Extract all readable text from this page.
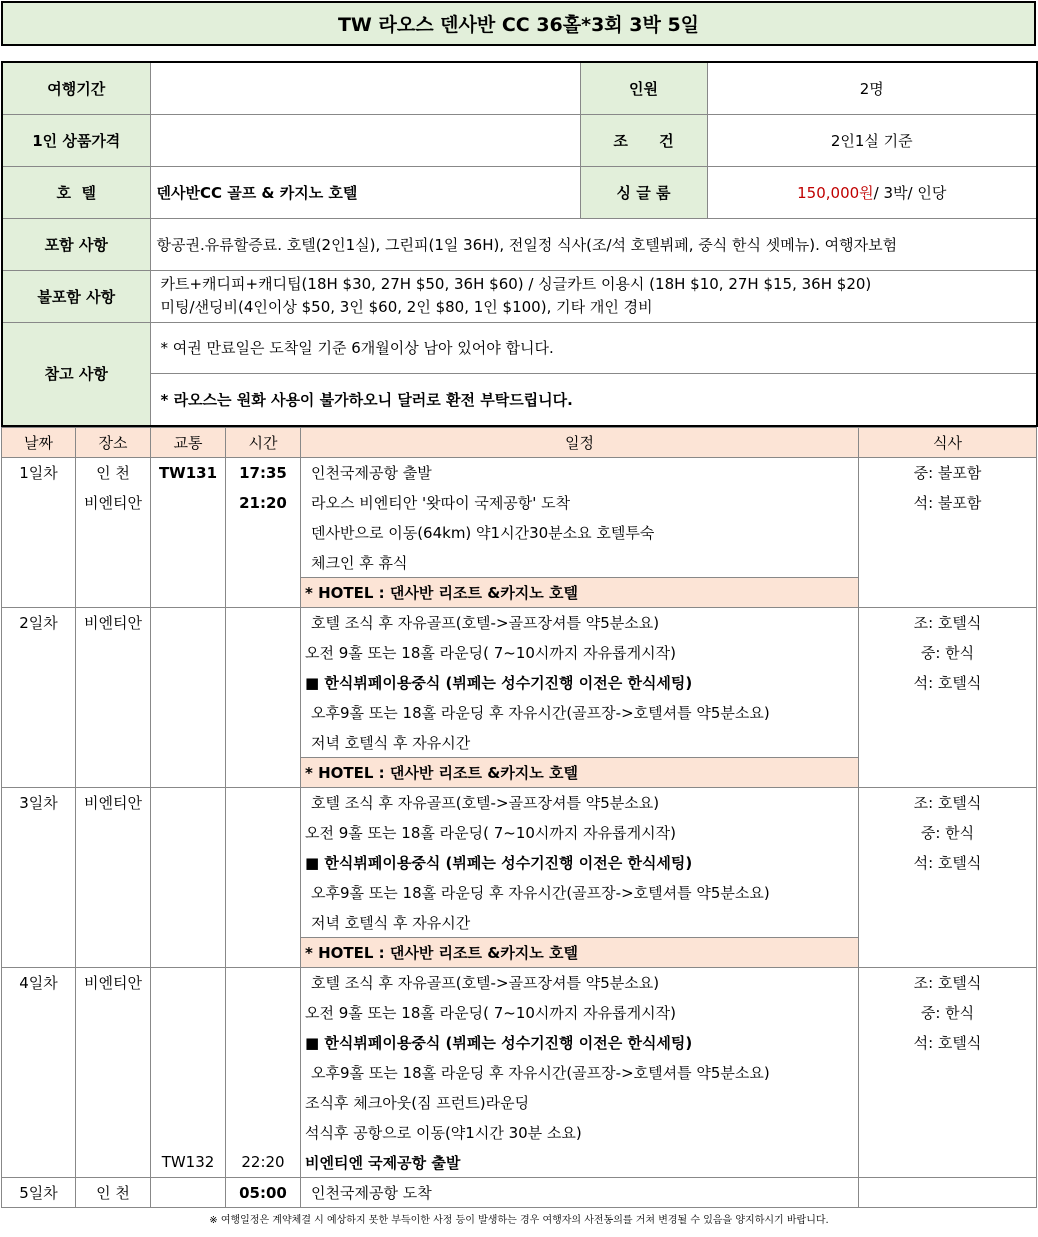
TW 라오스 덴사반 CC 36홀*3회 3박 5일
여행기간		인원	2명
1인 상품가격		조      건	2인1실 기준
호  텔	덴사반CC 골프 & 카지노 호텔	싱 글 룸	150,000원/ 3박/ 인당
포함 사항	항공권.유류할증료. 호텔(2인1실), 그린피(1일 36H), 전일정 식사(조/석 호텔뷔페, 중식 한식 셋메뉴). 여행자보험		
불포함 사항	카트+캐디피+캐디팁(18H $30, 27H $50, 36H $60) / 싱글카트 이용시 (18H $10, 27H $15, 36H $20)
미팅/샌딩비(4인이상 $50, 3인 $60, 2인 $80, 1인 $100), 기타 개인 경비		

참고 사항	* 여권 만료일은 도착일 기준 6개월이상 남아 있어야 합니다.
* 라오스는 원화 사용이 불가하오니 달러로 환전 부탁드립니다.		
날짜	장소	교통	시간	일정	식사
1일차	인 천	TW131	17:35	인천국제공항 출발	중: 불포함
	비엔티안		21:20	라오스 비엔티안 '왓따이 국제공항' 도착	석: 불포함
				덴사반으로 이동(64km) 약1시간30분소요 호텔투숙	
				체크인 후 휴식	
				* HOTEL : 댄사반 리조트 &카지노 호텔	
2일차	비엔티안			호텔 조식 후 자유골프(호텔->골프장셔틀 약5분소요)	조: 호텔식
				오전 9홀 또는 18홀 라운딩( 7~10시까지 자유롭게시작)	중: 한식
				■ 한식뷔페이용중식 (뷔페는 성수기진행 이전은 한식세팅)	석: 호텔식
				오후9홀 또는 18홀 라운딩 후 자유시간(골프장->호텔셔틀 약5분소요)	
				저녁 호텔식 후 자유시간	
				* HOTEL : 댄사반 리조트 &카지노 호텔	
3일차	비엔티안			호텔 조식 후 자유골프(호텔->골프장셔틀 약5분소요)	조: 호텔식
				오전 9홀 또는 18홀 라운딩( 7~10시까지 자유롭게시작)	중: 한식
				■ 한식뷔페이용중식 (뷔페는 성수기진행 이전은 한식세팅)	석: 호텔식
				오후9홀 또는 18홀 라운딩 후 자유시간(골프장->호텔셔틀 약5분소요)	
				저녁 호텔식 후 자유시간	
				* HOTEL : 댄사반 리조트 &카지노 호텔	
4일차	비엔티안			호텔 조식 후 자유골프(호텔->골프장셔틀 약5분소요)	조: 호텔식
				오전 9홀 또는 18홀 라운딩( 7~10시까지 자유롭게시작)	중: 한식
				■ 한식뷔페이용중식 (뷔페는 성수기진행 이전은 한식세팅)	석: 호텔식
				오후9홀 또는 18홀 라운딩 후 자유시간(골프장->호텔셔틀 약5분소요)	
				조식후 체크아웃(짐 프런트)라운딩	
				석식후 공항으로 이동(약1시간 30분 소요)	
		TW132	22:20	비엔티엔 국제공항 출발	
5일차	인 천		05:00	인천국제공항 도착	
※ 여행일정은 계약체결 시 예상하지 못한 부득이한 사정 등이 발생하는 경우 여행자의 사전동의를 거쳐 변경될 수 있음을 양지하시기 바랍니다.
